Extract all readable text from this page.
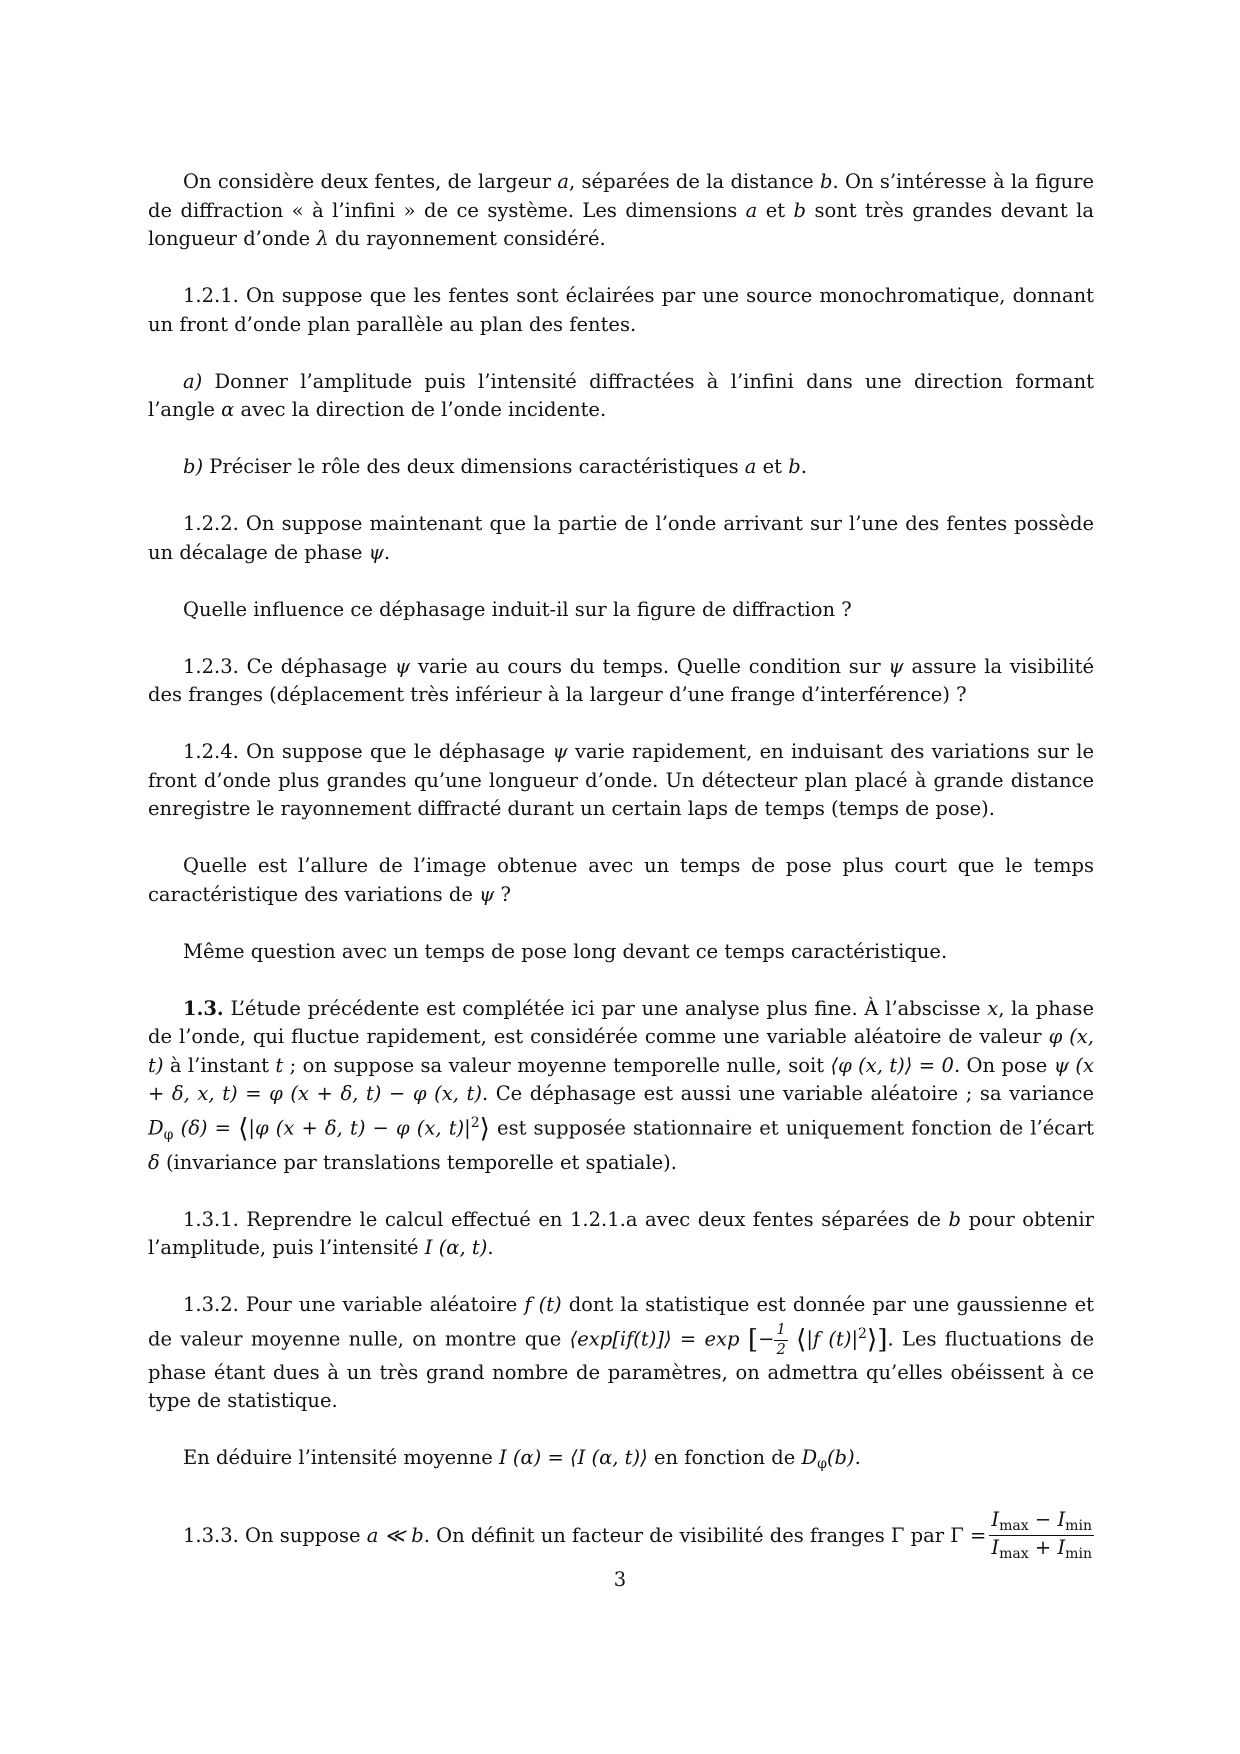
On considère deux fentes, de largeur a, séparées de la distance b. On s’intéresse à la figure de diffraction « à l’infini » de ce système. Les dimensions a et b sont très grandes devant la longueur d’onde λ du rayonnement considéré.

1.2.1. On suppose que les fentes sont éclairées par une source monochromatique, donnant un front d’onde plan parallèle au plan des fentes.

a) Donner l’amplitude puis l’intensité diffractées à l’infini dans une direction formant l’angle α avec la direction de l’onde incidente.

b) Préciser le rôle des deux dimensions caractéristiques a et b.

1.2.2. On suppose maintenant que la partie de l’onde arrivant sur l’une des fentes possède un décalage de phase ψ.

Quelle influence ce déphasage induit-il sur la figure de diffraction ?

1.2.3. Ce déphasage ψ varie au cours du temps. Quelle condition sur ψ assure la visibilité des franges (déplacement très inférieur à la largeur d’une frange d’interférence) ?

1.2.4. On suppose que le déphasage ψ varie rapidement, en induisant des variations sur le front d’onde plus grandes qu’une longueur d’onde. Un détecteur plan placé à grande distance enregistre le rayonnement diffracté durant un certain laps de temps (temps de pose).

Quelle est l’allure de l’image obtenue avec un temps de pose plus court que le temps caractéristique des variations de ψ ?

Même question avec un temps de pose long devant ce temps caractéristique.

1.3. L’étude précédente est complétée ici par une analyse plus fine. À l’abscisse x, la phase de l’onde, qui fluctue rapidement, est considérée comme une variable aléatoire de valeur φ (x, t) à l’instant t ; on suppose sa valeur moyenne temporelle nulle, soit ⟨φ (x, t)⟩ = 0. On pose ψ (x + δ, x, t) = φ (x + δ, t) − φ (x, t). Ce déphasage est aussi une variable aléatoire ; sa variance $D_\varphi$ (δ) = ⟨|φ (x + δ, t) − φ (x, $t)|^2⟩$ est supposée stationnaire et uniquement fonction de l’écart δ (invariance par translations temporelle et spatiale).

1.3.1. Reprendre le calcul effectué en 1.2.1.a avec deux fentes séparées de b pour obtenir l’amplitude, puis l’intensité I (α, t).

1.3.2. Pour une variable aléatoire f (t) dont la statistique est donnée par une gaussienne et de valeur moyenne nulle, on montre que ⟨exp[if(t)]⟩ = exp [− $\frac{1}{2}$ ⟨|f $(t)|^2⟩$]. Les fluctuations de phase étant dues à un très grand nombre de paramètres, on admettra qu’elles obéissent à ce type de statistique.

En déduire l’intensité moyenne I (α) = ⟨I (α, t)⟩ en fonction de $D_\varphi(b)$.

1.3.3. On suppose a ≪ b. On définit un facteur de visibilité des franges Γ par $\Gamma = \frac{I_{max} - I_{min}}{I_{max} + I_{min}}$
3
